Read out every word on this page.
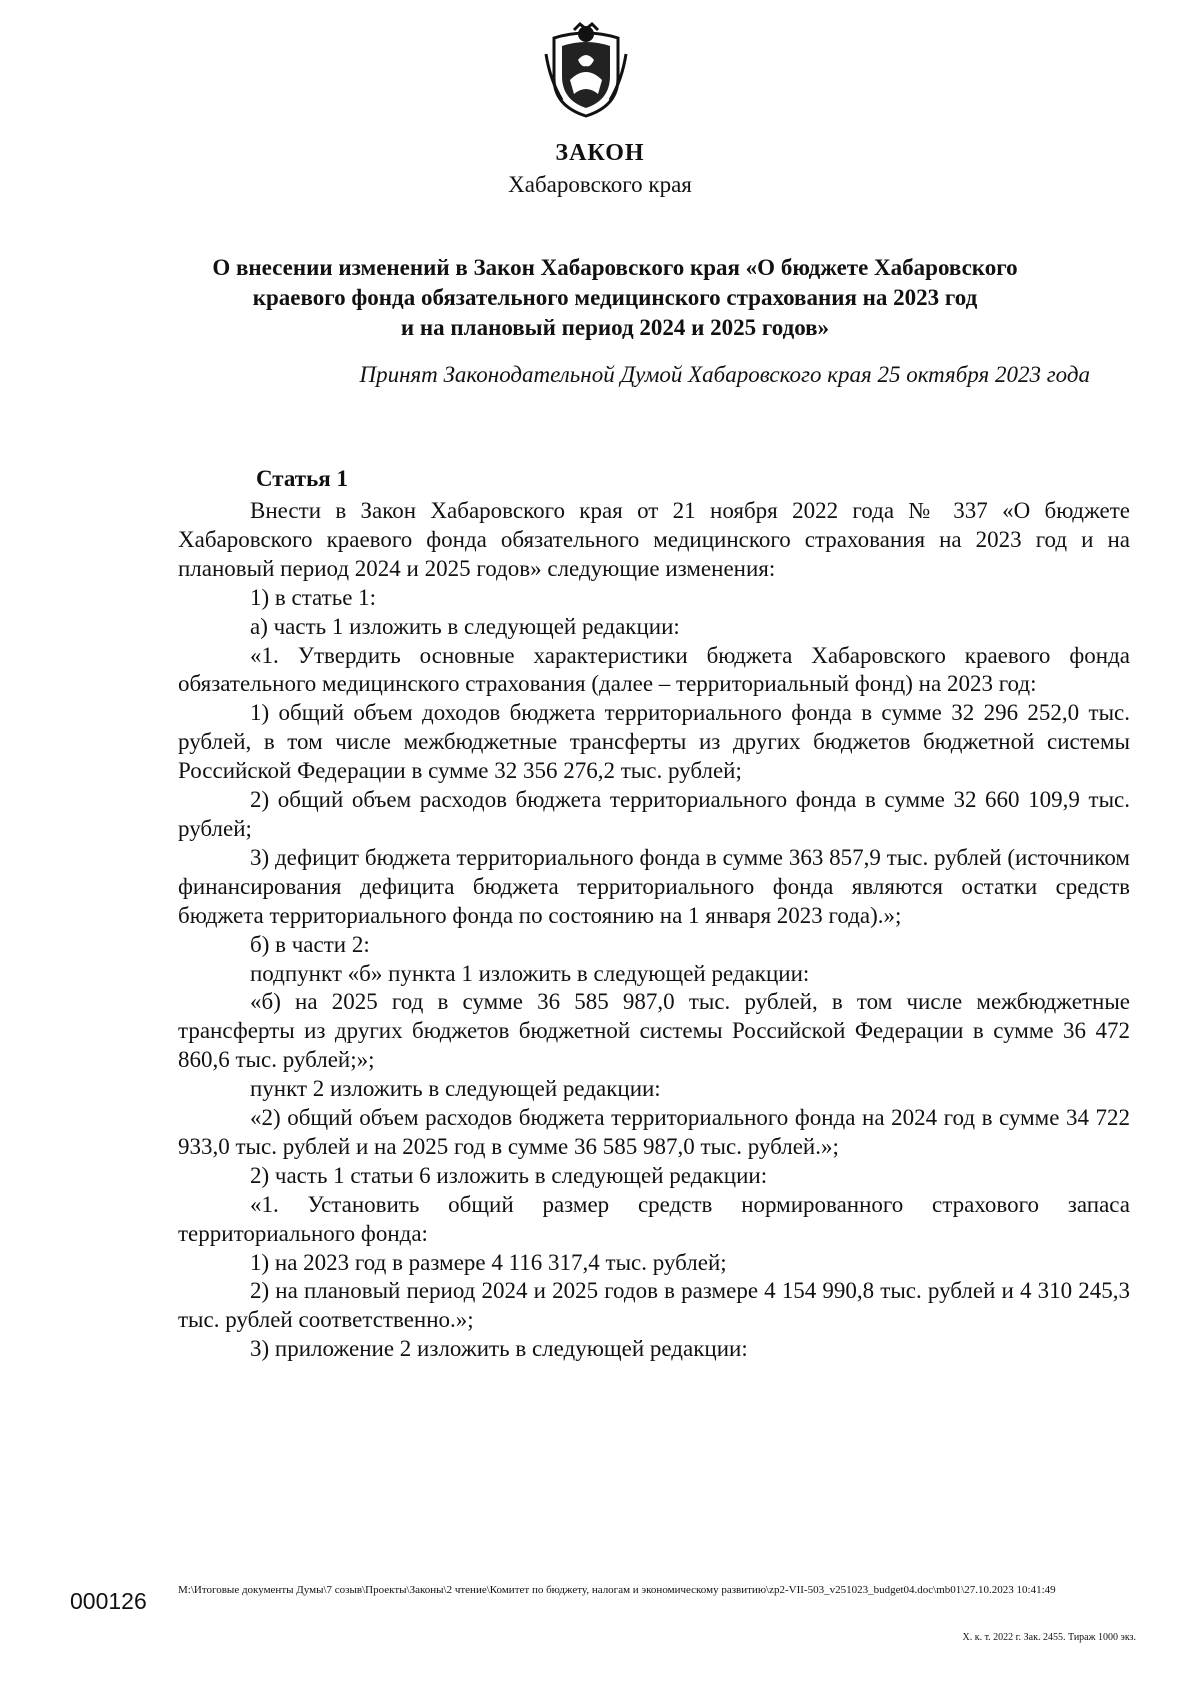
ЗАКОН
Хабаровского края
О внесении изменений в Закон Хабаровского края «О бюджете Хабаровского
краевого фонда обязательного медицинского страхования на 2023 год
и на плановый период 2024 и 2025 годов»
Принят Законодательной Думой Хабаровского края 25 октября 2023 года
Статья 1

Внести в Закон Хабаровского края от 21 ноября 2022 года № 337 «О бюджете Хабаровского краевого фонда обязательного медицинского страхования на 2023 год и на плановый период 2024 и 2025 годов» следующие изменения:

1) в статье 1:

а) часть 1 изложить в следующей редакции:

«1. Утвердить основные характеристики бюджета Хабаровского краевого фонда обязательного медицинского страхования (далее – территориальный фонд) на 2023 год:

1) общий объем доходов бюджета территориального фонда в сумме 32 296 252,0 тыс. рублей, в том числе межбюджетные трансферты из других бюджетов бюджетной системы Российской Федерации в сумме 32 356 276,2 тыс. рублей;

2) общий объем расходов бюджета территориального фонда в сумме 32 660 109,9 тыс. рублей;

3) дефицит бюджета территориального фонда в сумме 363 857,9 тыс. рублей (источником финансирования дефицита бюджета территориального фонда являются остатки средств бюджета территориального фонда по состоянию на 1 января 2023 года).»;

б) в части 2:

подпункт «б» пункта 1 изложить в следующей редакции:

«б) на 2025 год в сумме 36 585 987,0 тыс. рублей, в том числе межбюджетные трансферты из других бюджетов бюджетной системы Российской Федерации в сумме 36 472 860,6 тыс. рублей;»;

пункт 2 изложить в следующей редакции:

«2) общий объем расходов бюджета территориального фонда на 2024 год в сумме 34 722 933,0 тыс. рублей и на 2025 год в сумме 36 585 987,0 тыс. рублей.»;

2) часть 1 статьи 6 изложить в следующей редакции:

«1. Установить общий размер средств нормированного страхового запаса территориального фонда:

1) на 2023 год в размере 4 116 317,4 тыс. рублей;

2) на плановый период 2024 и 2025 годов в размере 4 154 990,8 тыс. рублей и 4 310 245,3 тыс. рублей соответственно.»;

3) приложение 2 изложить в следующей редакции:

000126	М:\Итоговые документы Думы\7 созыв\Проекты\Законы\2 чтение\Комитет по бюджету, налогам и экономическому развитию\zp2-VII-503_v251023_budget04.doc\mb01\27.10.2023 10:41:49
Х. к. т. 2022 г. Зак. 2455. Тираж 1000 экз.
